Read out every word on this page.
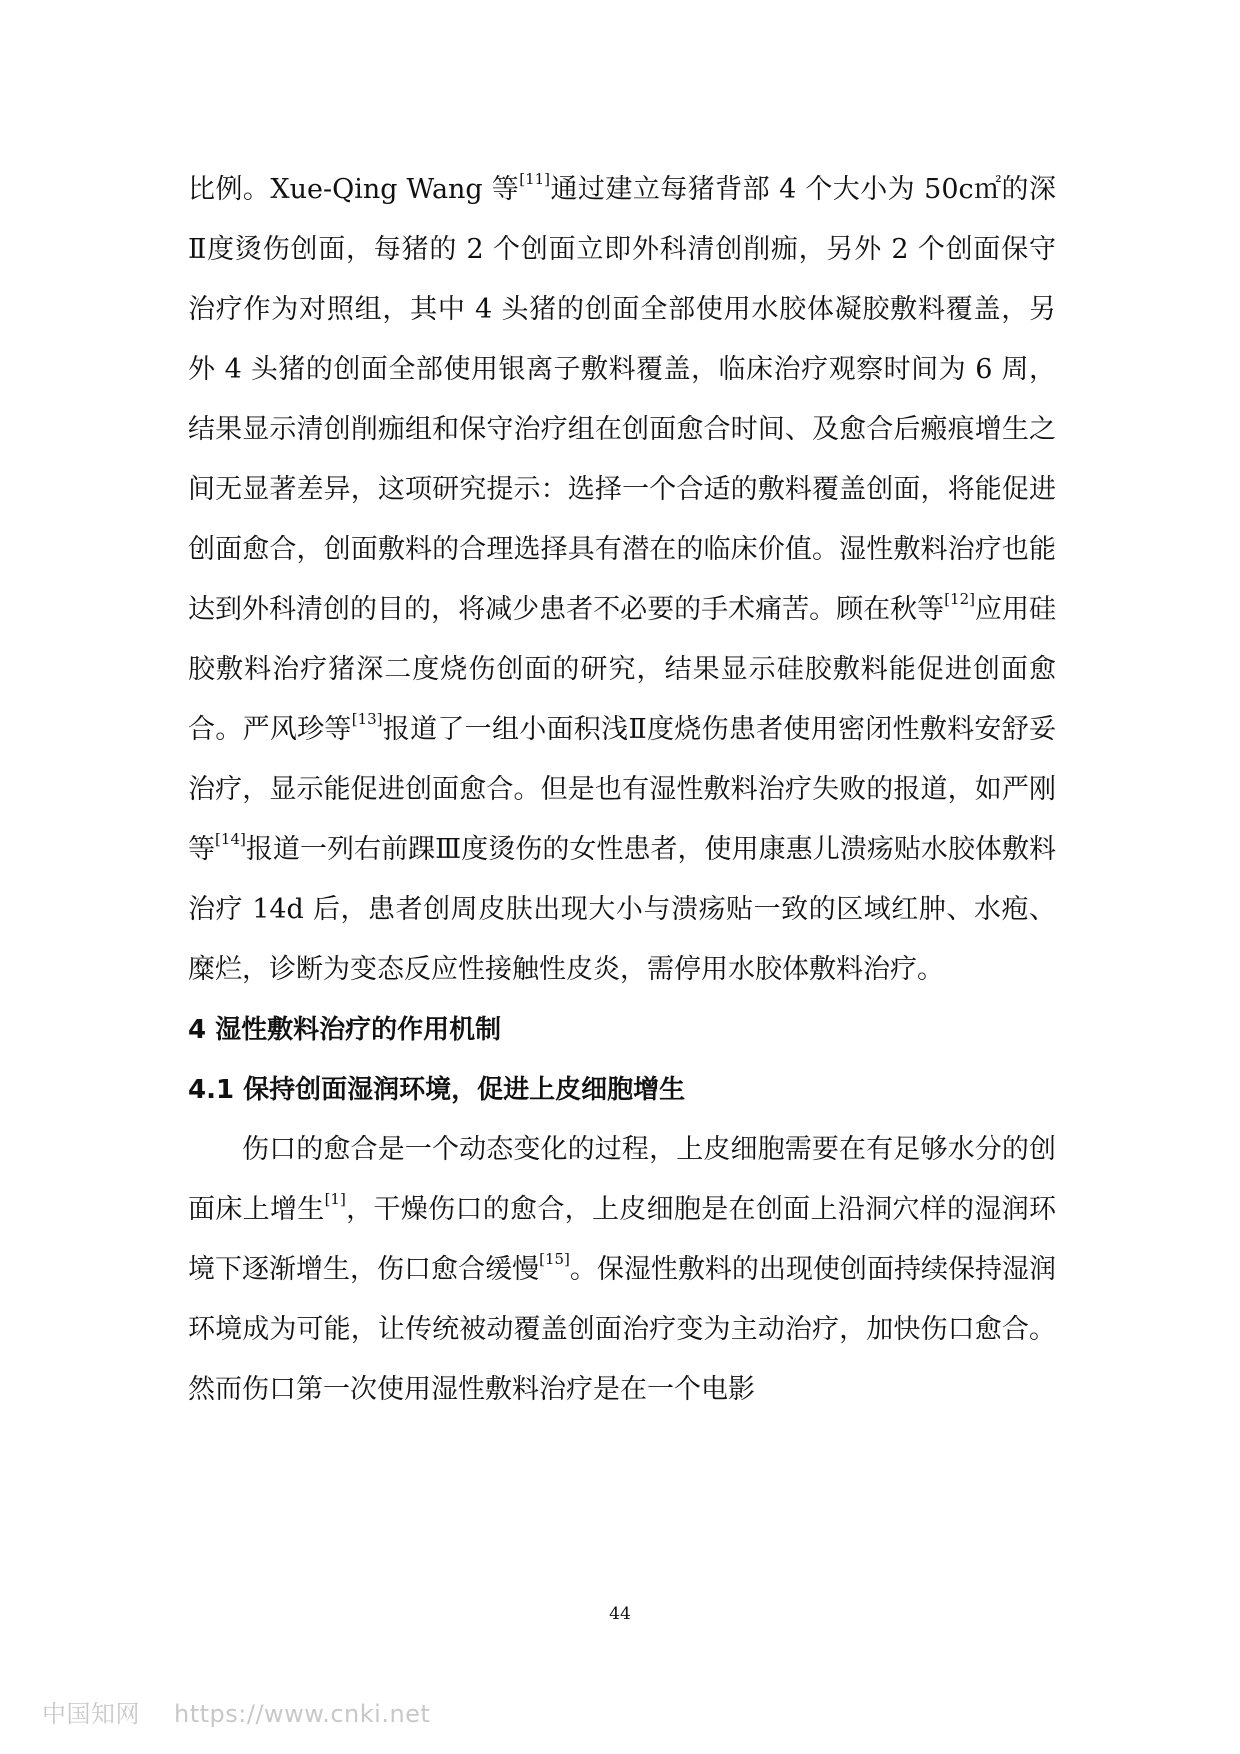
比例。Xue-Qing Wang 等[11]通过建立每猪背部 4 个大小为 50c㎡的深Ⅱ度烫伤创面，每猪的 2 个创面立即外科清创削痂，另外 2 个创面保守治疗作为对照组，其中 4 头猪的创面全部使用水胶体凝胶敷料覆盖，另外 4 头猪的创面全部使用银离子敷料覆盖，临床治疗观察时间为 6 周，结果显示清创削痂组和保守治疗组在创面愈合时间、及愈合后瘢痕增生之间无显著差异，这项研究提示：选择一个合适的敷料覆盖创面，将能促进创面愈合，创面敷料的合理选择具有潜在的临床价值。湿性敷料治疗也能达到外科清创的目的，将减少患者不必要的手术痛苦。顾在秋等[12]应用硅胶敷料治疗猪深二度烧伤创面的研究，结果显示硅胶敷料能促进创面愈合。严风珍等[13]报道了一组小面积浅Ⅱ度烧伤患者使用密闭性敷料安舒妥治疗，显示能促进创面愈合。但是也有湿性敷料治疗失败的报道，如严刚等[14]报道一列右前踝Ⅲ度烫伤的女性患者，使用康惠儿溃疡贴水胶体敷料治疗 14d 后，患者创周皮肤出现大小与溃疡贴一致的区域红肿、水疱、糜烂，诊断为变态反应性接触性皮炎，需停用水胶体敷料治疗。

4 湿性敷料治疗的作用机制
4.1 保持创面湿润环境，促进上皮细胞增生

伤口的愈合是一个动态变化的过程，上皮细胞需要在有足够水分的创面床上增生[1]，干燥伤口的愈合，上皮细胞是在创面上沿洞穴样的湿润环境下逐渐增生，伤口愈合缓慢[15]。保湿性敷料的出现使创面持续保持湿润环境成为可能，让传统被动覆盖创面治疗变为主动治疗，加快伤口愈合。然而伤口第一次使用湿性敷料治疗是在一个电影

44
中国知网 https://www.cnki.net
